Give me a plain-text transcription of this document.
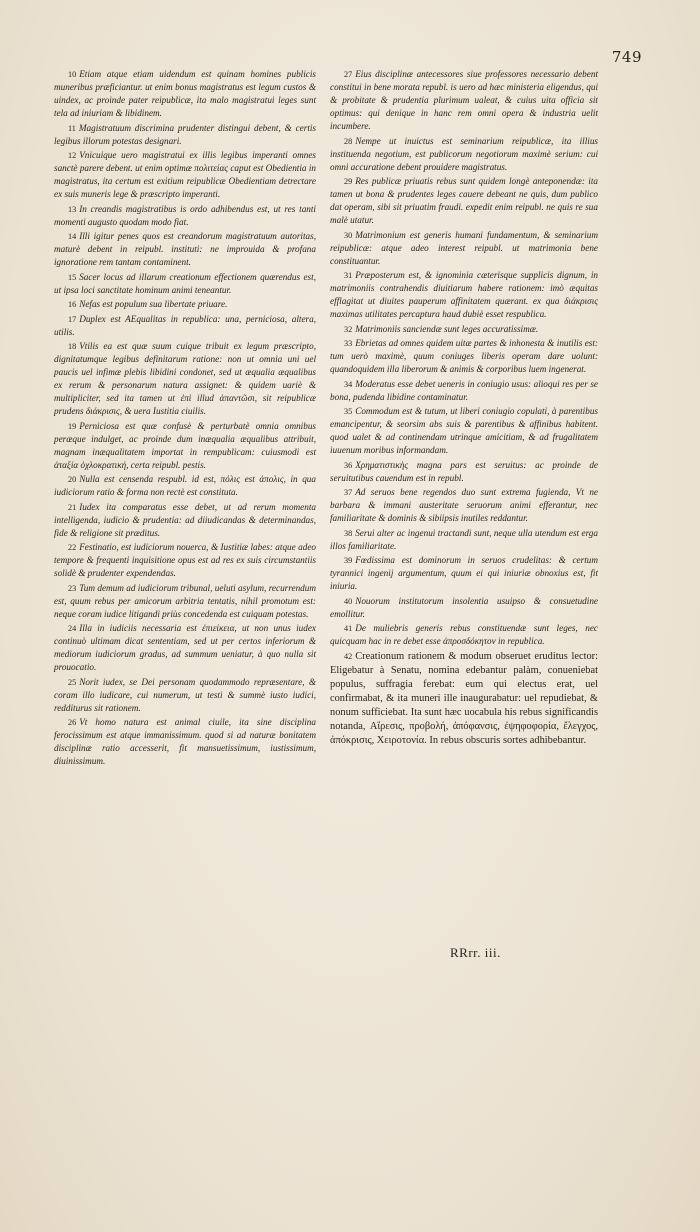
749

10 Etiam atque etiam uidendum est quinam homines publicis muneribus præficiantur. ut enim bonus magistratus est legum custos & uindex, ac proinde pater reipublicæ, ita malo magistratui leges sunt tela ad iniuriam & libidinem.

11 Magistratuum discrimina prudenter distingui debent, & certis legibus illorum potestas designari.

12 Vnicuique uero magistratui ex illis legibus imperanti omnes sanctè parere debent. ut enim optimæ πολιτείας caput est Obedientia in magistratus, ita certum est exitium reipublicæ Obedientiam detrectare ex suis muneris lege & præscripto imperanti.

13 In creandis magistratibus is ordo adhibendus est, ut res tanti momenti augusto quodam modo fiat.

14 Illi igitur penes quos est creandorum magistratuum autoritas, maturè debent in reipubl. instituti: ne improuida & profana ignoratione rem tantam contaminent.

15 Sacer locus ad illarum creationum effectionem quærendus est, ut ipsa loci sanctitate hominum animi teneantur.

16 Nefas est populum sua libertate priuare.

17 Duplex est AEqualitas in republica: una, perniciosa, altera, utilis.

18 Vtilis ea est quæ suum cuique tribuit ex legum præscripto, dignitatumque legibus definitarum ratione: non ut omnia uni uel paucis uel infimæ plebis libidini condonet, sed ut æqualia æqualibus ex rerum & personarum natura assignet: & quidem uariè & multipliciter, sed ita tamen ut ἐπὶ illud ἀπαντῶσι, sit reipublicæ prudens διάκρισις, & uera Iustitia ciuilis.

19 Perniciosa est quæ confusè & perturbatè omnia omnibus peræque indulget, ac proinde dum inæqualia æqualibus attribuit, magnam inæqualitatem importat in rempublicam: cuiusmodi est ἀταξία ὀχλοκρατική, certa reipubl. pestis.

20 Nulla est censenda respubl. id est, πόλις est ἀπολις, in qua iudiciorum ratio & forma non rectè est constituta.

21 Iudex ita comparatus esse debet, ut ad rerum momenta intelligenda, iudicio & prudentia: ad diiudicandas & determinandas, fide & religione sit præditus.

22 Festinatio, est iudiciorum nouerca, & Iustitiæ labes: atque adeo tempore & frequenti inquisitione opus est ad res ex suis circumstantiis solidè & prudenter expendendas.

23 Tum demum ad iudiciorum tribunal, ueluti asylum, recurrendum est, quum rebus per amicorum arbitria tentatis, nihil promotum est: neque coram iudice litigandi priùs concedenda est cuiquam potestas.

24 Illa in iudiciis necessaria est ἐπιείκεια, ut non unus iudex continuò ultimam dicat sententiam, sed ut per certos inferiorum & mediorum iudiciorum gradus, ad summum ueniatur, à quo nulla sit prouocatio.

25 Norit iudex, se Dei personam quodammodo repræsentare, & coram illo iudicare, cui numerum, ut testi & summè iusto iudici, redditurus sit rationem.

26 Vt homo natura est animal ciuile, ita sine disciplina ferocissimum est atque immanissimum. quod si ad naturæ bonitatem disciplinæ ratio accesserit, fit mansuetissimum, iustissimum, diuinissimum.

27 Eius disciplinæ antecessores siue professores necessario debent constitui in bene morata republ. is uero ad hæc ministeria eligendus, qui & probitate & prudentia plurimum ualeat, & cuius uita officia sit optimus: qui denique in hanc rem omni opera & industria uelit incumbere.

28 Nempe ut inuictus est seminarium reipublicæ, ita illius instituenda negotium, est publicorum negotiorum maximè serium: cui omni accuratione debent prouidere magistratus.

29 Res publicæ priuatis rebus sunt quidem longè anteponendæ: ita tamen ut bona & prudentes leges cauere debeant ne quis, dum publico dat operam, sibi sit priuatim fraudi. expedit enim reipubl. ne quis re sua malè utatur.

30 Matrimonium est generis humani fundamentum, & seminarium reipublicæ: atque adeo interest reipubl. ut matrimonia bene constituantur.

31 Præposterum est, & ignominia cæterisque supplicis dignum, in matrimoniis contrahendis diuitiarum habere rationem: imò æquitas efflagitat ut diuites pauperum affinitatem quærant. ex qua διάκρισις maximas utilitates percaptura haud dubiè esset respublica.

32 Matrimoniis sanciendæ sunt leges accuratissimæ.

33 Ebrietas ad omnes quidem uitæ partes & inhonesta & inutilis est: tum uerò maximè, quum coniuges liberis operam dare uolunt: quandoquidem illa liberorum & animis & corporibus luem ingenerat.

34 Moderatus esse debet ueneris in coniugio usus: alioqui res per se bona, pudenda libidine contaminatur.

35 Commodum est & tutum, ut liberi coniugio copulati, à parentibus emancipentur, & seorsim abs suis & parentibus & affinibus habitent. quod ualet & ad continendam utrinque amicitiam, & ad frugalitatem iuuenum moribus informandam.

36 Χρηματιστικὴς magna pars est seruitus: ac proinde de seruitutibus cauendum est in republ.

37 Ad seruos bene regendos duo sunt extrema fugienda, Vt ne barbara & immani austeritate seruorum animi efferantur, nec familiaritate & dominis & sibiipsis inutiles reddantur.

38 Serui alter ac ingenui tractandi sunt, neque ulla utendum est erga illos familiaritate.

39 Fœdissima est dominorum in seruos crudelitas: & certum tyrannici ingenij argumentum, quum ei qui iniuriæ obnoxius est, fit iniuria.

40 Nouorum institutorum insolentia usuipso & consuetudine emollitur.

41 De muliebris generis rebus constituendæ sunt leges, nec quicquam hac in re debet esse ἀπροσδόκητον in republica.

42 Creationum rationem & modum obseruet eruditus lector: Eligebatur à Senatu, nomina edebantur palàm, conueniebat populus, suffragia ferebat: eum qui electus erat, uel confirmabat, & ita muneri ille inaugurabatur: uel repudiebat, & nonum sufficiebat. Ita sunt hæc uocabula his rebus significandis notanda, Αἵρεσις, προβολή, ἀπόφανσις, ἐψηφοφορία, ἔλεγχος, ἀπόκρισις, Χειροτονία. In rebus obscuris sortes adhibebantur.

RRrr. iii.
